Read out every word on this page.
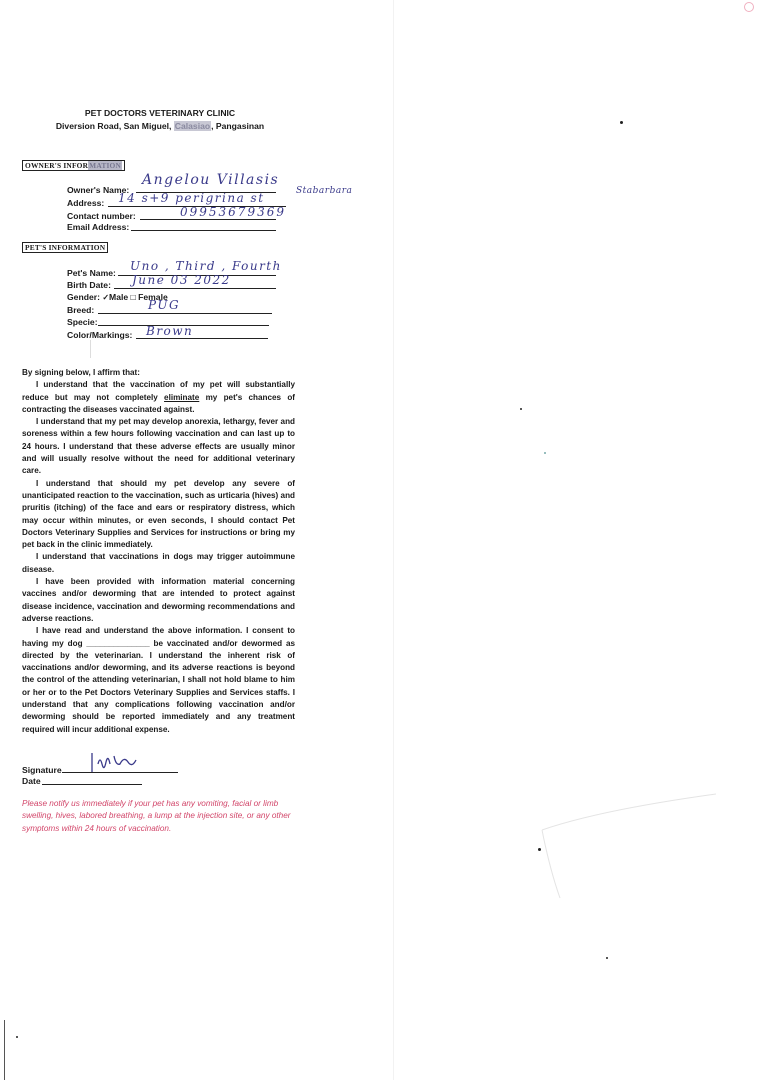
PET DOCTORS VETERINARY CLINIC
Diversion Road, San Miguel, Calasiao, Pangasinan
OWNER'S INFORMATION
Owner's Name:
Angelou Villasis
Address: 14 s+9 perigrina st	Stabarbara
Contact number:	09953679369
Email Address:
PET'S INFORMATION
Pet's Name: Uno , Third , Fourth
Birth Date: June 03 2022
Gender: ✓Male □ Female
Breed:	PUG
Specie:
Color/Markings: Brown

By signing below, I affirm that:

I understand that the vaccination of my pet will substantially reduce but may not completely eliminate my pet's chances of contracting the diseases vaccinated against.

I understand that my pet may develop anorexia, lethargy, fever and soreness within a few hours following vaccination and can last up to 24 hours. I understand that these adverse effects are usually minor and will usually resolve without the need for additional veterinary care.

I understand that should my pet develop any severe of unanticipated reaction to the vaccination, such as urticaria (hives) and pruritis (itching) of the face and ears or respiratory distress, which may occur within minutes, or even seconds, I should contact Pet Doctors Veterinary Supplies and Services for instructions or bring my pet back in the clinic immediately.

I understand that vaccinations in dogs may trigger autoimmune disease.

I have been provided with information material concerning vaccines and/or deworming that are intended to protect against disease incidence, vaccination and deworming recommendations and adverse reactions.

I have read and understand the above information. I consent to having my dog ______________ be vaccinated and/or dewormed as directed by the veterinarian. I understand the inherent risk of vaccinations and/or deworming, and its adverse reactions is beyond the control of the attending veterinarian, I shall not hold blame to him or her or to the Pet Doctors Veterinary Supplies and Services staffs. I understand that any complications following vaccination and/or deworming should be reported immediately and any treatment required will incur additional expense.

Signature
Date
Please notify us immediately if your pet has any vomiting, facial or limb swelling, hives, labored breathing, a lump at the injection site, or any other symptoms within 24 hours of vaccination.
